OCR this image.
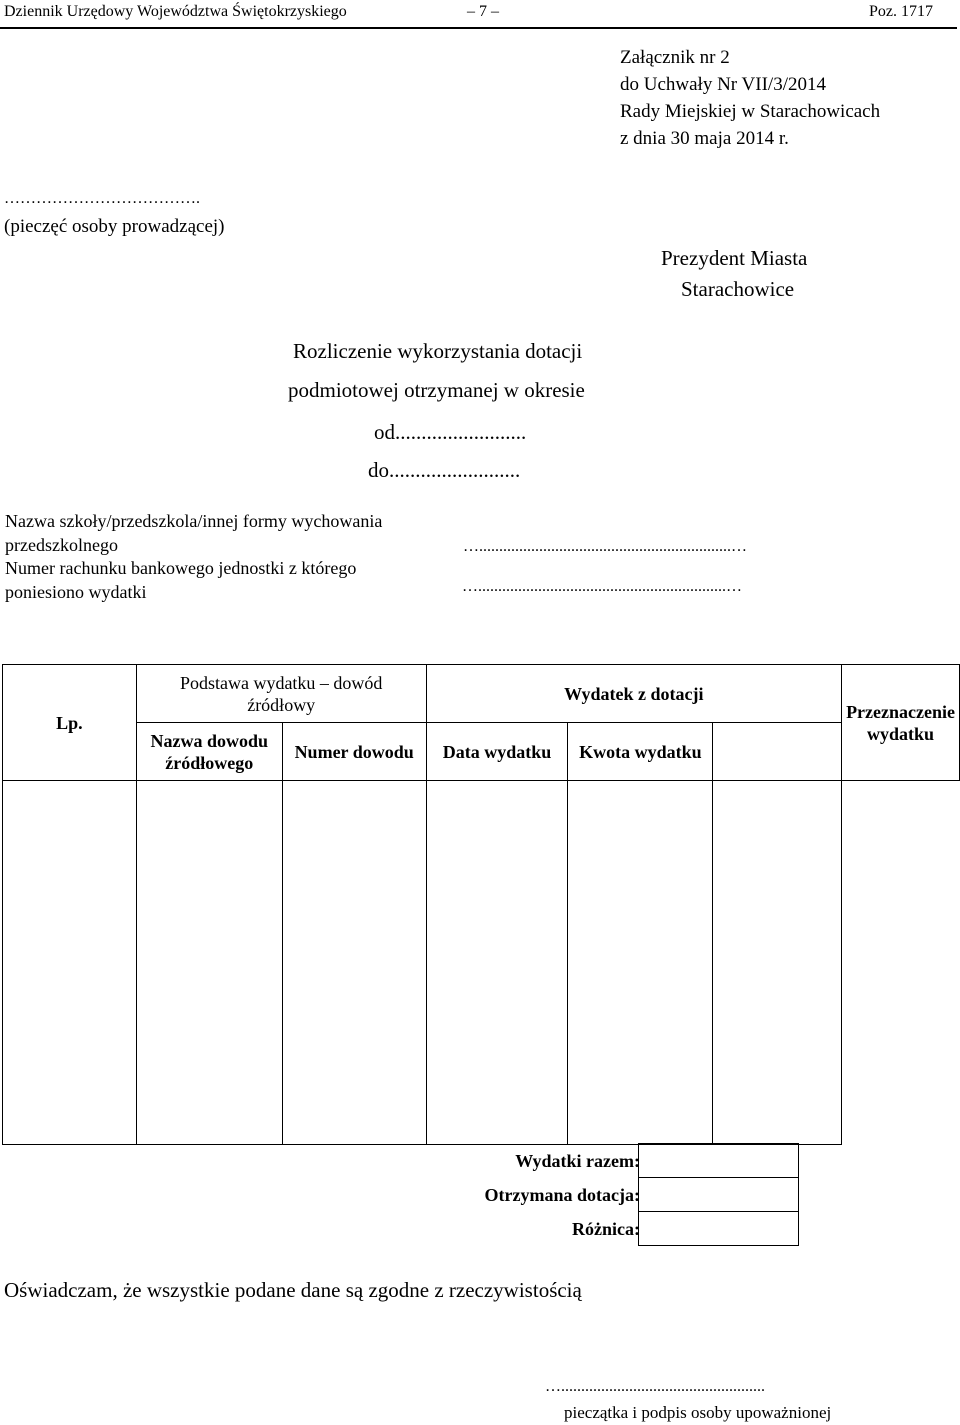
Dziennik Urzędowy Województwa Świętokrzyskiego	– 7 –	Poz. 1717
Załącznik nr 2
do Uchwały Nr VII/3/2014
Rady Miejskiej w Starachowicach
z dnia 30 maja 2014 r.
……………………………….
(pieczęć osoby prowadzącej)
Prezydent Miasta
Starachowice
Rozliczenie wykorzystania dotacji
podmiotowej otrzymanej w okresie
od.........................
do.........................
Nazwa szkoły/przedszkola/innej formy wychowania
przedszkolnego	…...............................................................…
Numer rachunku bankowego jednostki z którego
poniesiono wydatki	…..............................................................…
Lp.	Podstawa wydatku – dowód źródłowy		Wydatek z dotacji			Przeznaczenie wydatku
	Nazwa dowodu źródłowego	Numer dowodu	Data wydatku	Kwota wydatku		

Wydatki razem:
Otrzymana dotacja:
Różnica:

Oświadczam, że wszystkie podane dane są zgodne z rzeczywistością
…...................................................
pieczątka i podpis osoby upoważnionej
